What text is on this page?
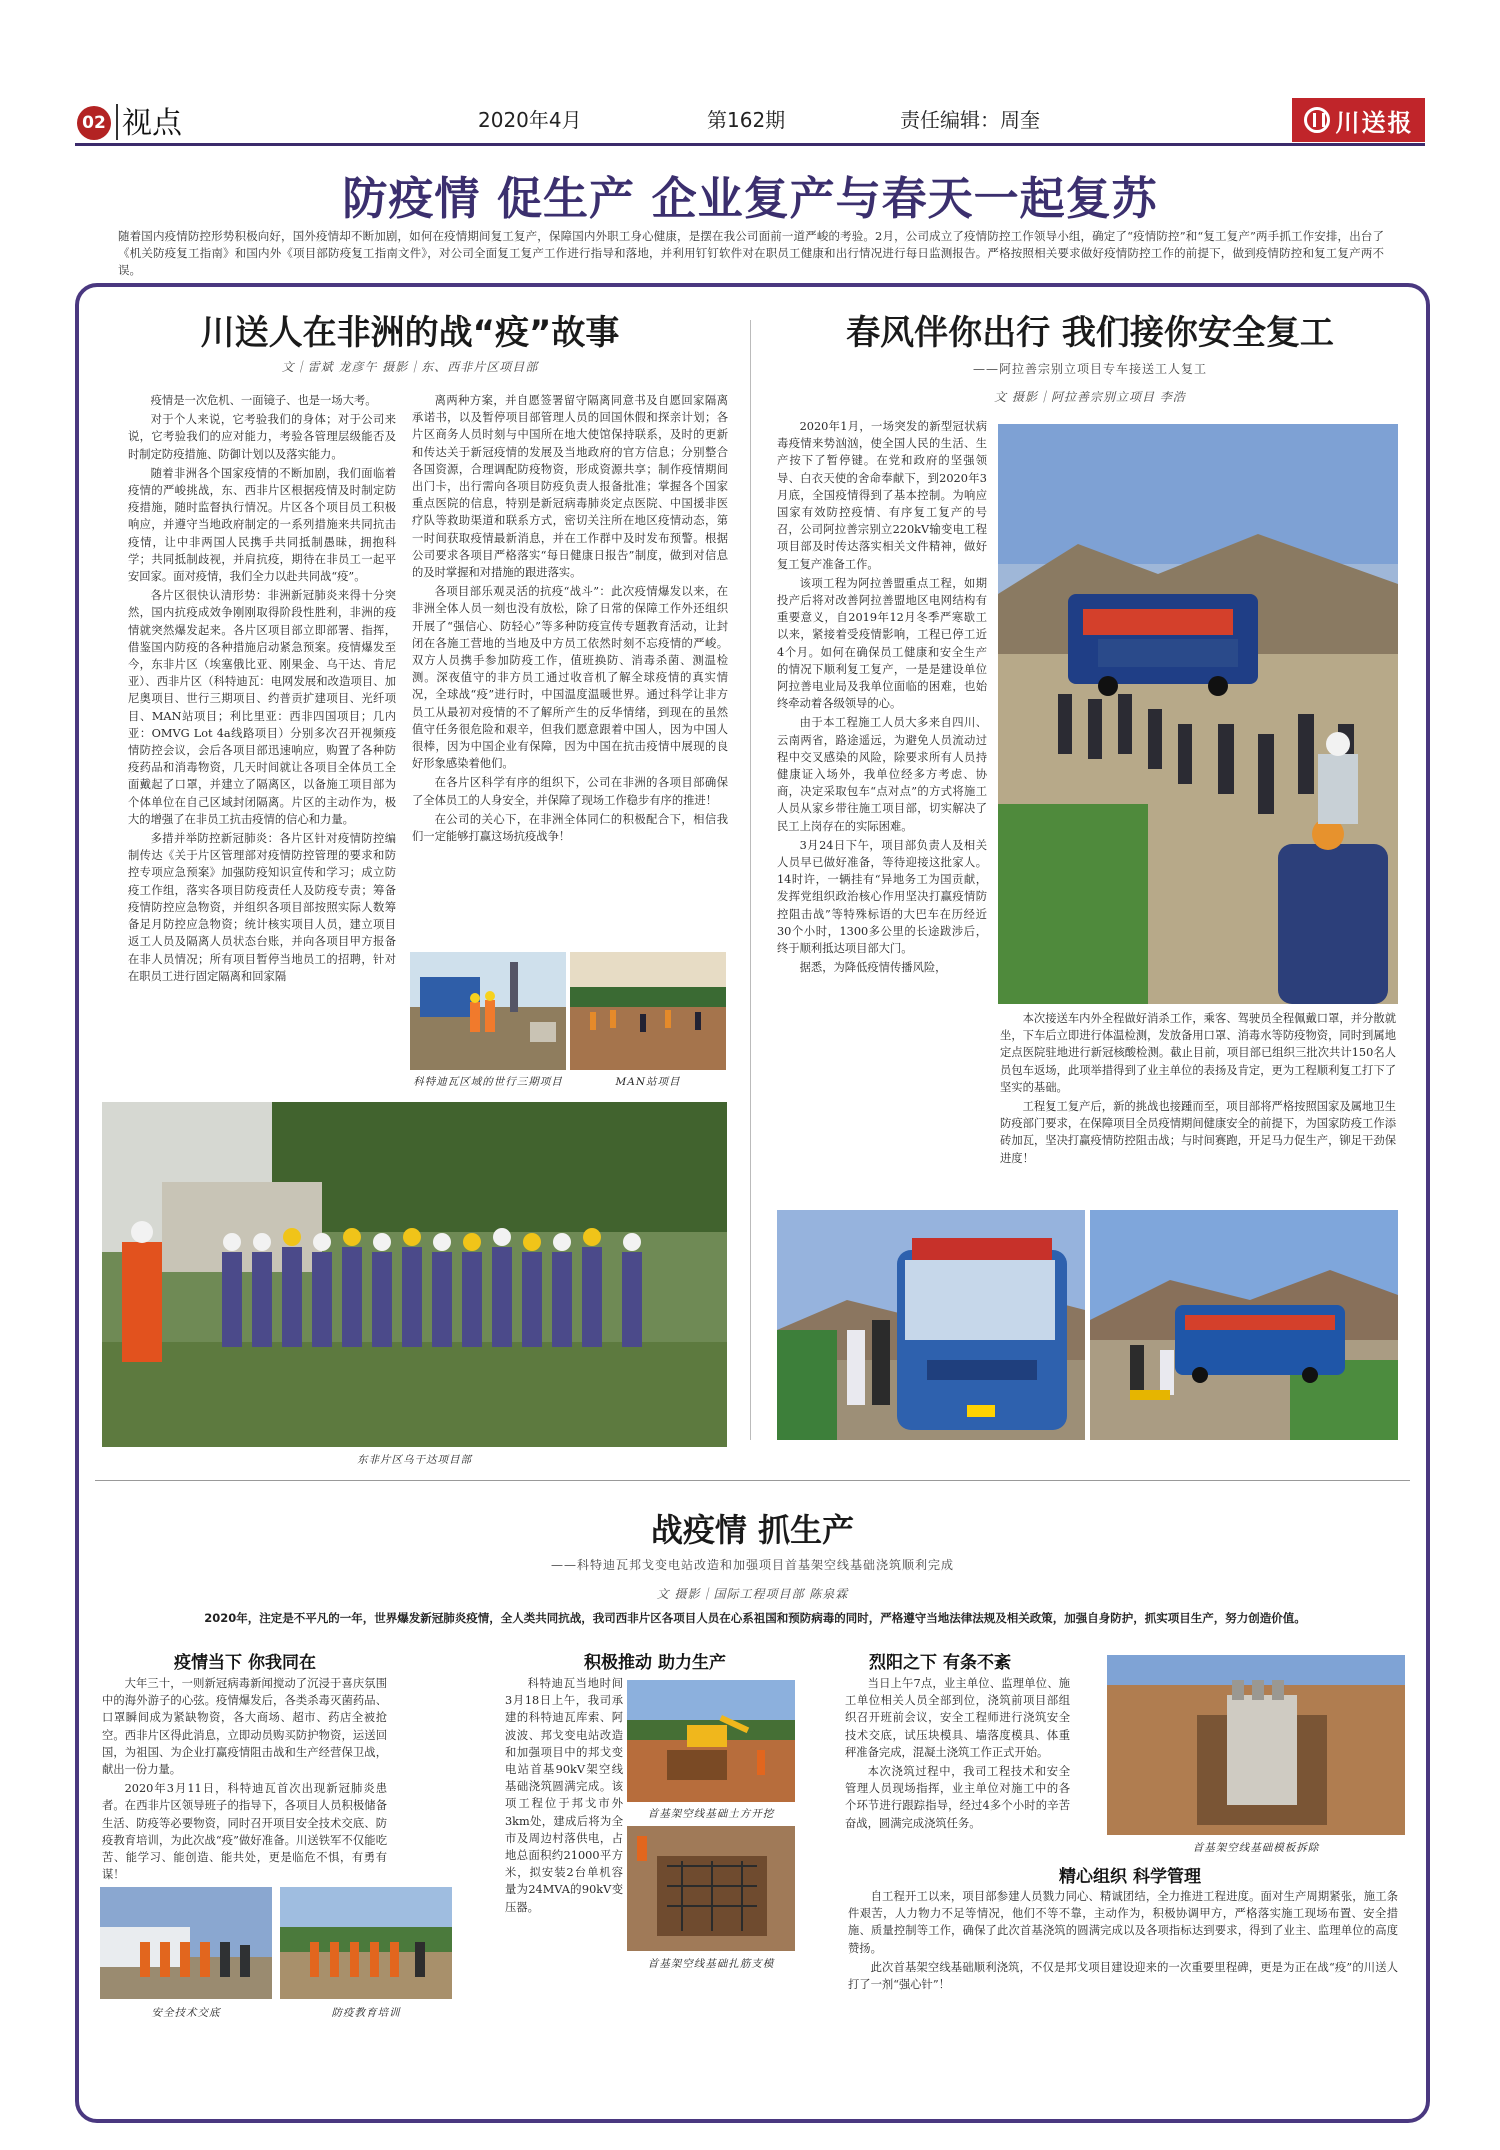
02 视点	2020年4月	第162期	责任编辑：周奎	川送报
防疫情 促生产 企业复产与春天一起复苏
随着国内疫情防控形势积极向好，国外疫情却不断加剧，如何在疫情期间复工复产，保障国内外职工身心健康，是摆在我公司面前一道严峻的考验。2月，公司成立了疫情防控工作领导小组，确定了“疫情防控”和“复工复产”两手抓工作安排，出台了《机关防疫复工指南》和国内外《项目部防疫复工指南文件》，对公司全面复工复产工作进行指导和落地，并利用钉钉软件对在职员工健康和出行情况进行每日监测报告。严格按照相关要求做好疫情防控工作的前提下，做到疫情防控和复工复产两不误。
川送人在非洲的战“疫”故事
文｜雷斌 龙彦午 摄影｜东、西非片区项目部

疫情是一次危机、一面镜子、也是一场大考。

对于个人来说，它考验我们的身体；对于公司来说，它考验我们的应对能力，考验各管理层级能否及时制定防疫措施、防御计划以及落实能力。

随着非洲各个国家疫情的不断加剧，我们面临着疫情的严峻挑战，东、西非片区根据疫情及时制定防疫措施，随时监督执行情况。片区各个项目员工积极响应，并遵守当地政府制定的一系列措施来共同抗击疫情，让中非两国人民携手共同抵制愚昧，拥抱科学；共同抵制歧视，并肩抗疫，期待在非员工一起平安回家。面对疫情，我们全力以赴共同战“疫”。

各片区很快认清形势：非洲新冠肺炎来得十分突然，国内抗疫成效争刚刚取得阶段性胜利，非洲的疫情就突然爆发起来。各片区项目部立即部署、指挥，借鉴国内防疫的各种措施启动紧急预案。疫情爆发至今，东非片区（埃塞俄比亚、刚果金、乌干达、肯尼亚）、西非片区（科特迪瓦：电网发展和改造项目、加尼奥项目、世行三期项目、约普贡扩建项目、光纤项目、MAN站项目；利比里亚：西非四国项目；几内亚：OMVG Lot 4a线路项目）分别多次召开视频疫情防控会议，会后各项目部迅速响应，购置了各种防疫药品和消毒物资，几天时间就让各项目全体员工全面戴起了口罩，并建立了隔离区，以备施工项目部为个体单位在自己区域封闭隔离。片区的主动作为，极大的增强了在非员工抗击疫情的信心和力量。

多措并举防控新冠肺炎：各片区针对疫情防控编制传达《关于片区管理部对疫情防控管理的要求和防控专项应急预案》加强防疫知识宣传和学习；成立防疫工作组，落实各项目防疫责任人及防疫专责；筹备疫情防控应急物资，并组织各项目部按照实际人数筹备足月防控应急物资；统计核实项目人员，建立项目返工人员及隔离人员状态台账，并向各项目甲方报备在非人员情况；所有项目暂停当地员工的招聘，针对在职员工进行固定隔离和回家隔

离两种方案，并自愿签署留守隔离同意书及自愿回家隔离承诺书，以及暂停项目部管理人员的回国休假和探亲计划；各片区商务人员时刻与中国所在地大使馆保持联系，及时的更新和传达关于新冠疫情的发展及当地政府的官方信息；分别整合各国资源，合理调配防疫物资，形成资源共享；制作疫情期间出门卡，出行需向各项目防疫负责人报备批准；掌握各个国家重点医院的信息，特别是新冠病毒肺炎定点医院、中国援非医疗队等救助渠道和联系方式，密切关注所在地区疫情动态，第一时间获取疫情最新消息，并在工作群中及时发布预警。根据公司要求各项目严格落实“每日健康日报告”制度，做到对信息的及时掌握和对措施的跟进落实。

各项目部乐观灵活的抗疫“战斗”：此次疫情爆发以来，在非洲全体人员一刻也没有放松，除了日常的保障工作外还组织开展了“强信心、防轻心”等多种防疫宣传专题教育活动，让封闭在各施工营地的当地及中方员工依然时刻不忘疫情的严峻。双方人员携手参加防疫工作，值班换防、消毒杀菌、测温检测。深夜值守的非方员工通过收音机了解全球疫情的真实情况，全球战“疫”进行时，中国温度温暖世界。通过科学让非方员工从最初对疫情的不了解所产生的反华情绪，到现在的虽然值守任务很危险和艰辛，但我们愿意跟着中国人，因为中国人很棒，因为中国企业有保障，因为中国在抗击疫情中展现的良好形象感染着他们。

在各片区科学有序的组织下，公司在非洲的各项目部确保了全体员工的人身安全，并保障了现场工作稳步有序的推进！

在公司的关心下，在非洲全体同仁的积极配合下，相信我们一定能够打赢这场抗疫战争！

科特迪瓦区域的世行三期项目	MAN站项目
东非片区乌干达项目部
春风伴你出行 我们接你安全复工
——阿拉善宗别立项目专车接送工人复工
文 摄影｜阿拉善宗别立项目 李浩

2020年1月，一场突发的新型冠状病毒疫情来势汹汹，使全国人民的生活、生产按下了暂停键。在党和政府的坚强领导、白衣天使的舍命奉献下，到2020年3月底，全国疫情得到了基本控制。为响应国家有效防控疫情、有序复工复产的号召，公司阿拉善宗别立220kV输变电工程项目部及时传达落实相关文件精神，做好复工复产准备工作。

该项工程为阿拉善盟重点工程，如期投产后将对改善阿拉善盟地区电网结构有重要意义，自2019年12月冬季严寒歇工以来，紧接着受疫情影响，工程已停工近4个月。如何在确保员工健康和安全生产的情况下顺利复工复产，一是是建设单位阿拉善电业局及我单位面临的困难，也始终牵动着各级领导的心。

由于本工程施工人员大多来自四川、云南两省，路途遥远，为避免人员流动过程中交叉感染的风险，除要求所有人员持健康证入场外，我单位经多方考虑、协商，决定采取包车“点对点”的方式将施工人员从家乡带往施工项目部，切实解决了民工上岗存在的实际困难。

3月24日下午，项目部负责人及相关人员早已做好准备，等待迎接这批家人。14时许，一辆挂有“异地务工为国贡献，发挥党组织政治核心作用坚决打赢疫情防控阻击战”等特殊标语的大巴车在历经近30个小时，1300多公里的长途跋涉后，终于顺利抵达项目部大门。

据悉，为降低疫情传播风险，

本次接送车内外全程做好消杀工作，乘客、驾驶员全程佩戴口罩，并分散就坐，下车后立即进行体温检测，发放备用口罩、消毒水等防疫物资，同时到属地定点医院驻地进行新冠核酸检测。截止目前，项目部已组织三批次共计150名人员包车返场，此项举措得到了业主单位的表扬及肯定，更为工程顺利复工打下了坚实的基础。

工程复工复产后，新的挑战也接踵而至，项目部将严格按照国家及属地卫生防疫部门要求，在保障项目全员疫情期间健康安全的前提下，为国家防疫工作添砖加瓦，坚决打赢疫情防控阻击战；与时间赛跑，开足马力促生产，铆足干劲保进度！

战疫情 抓生产
——科特迪瓦邦戈变电站改造和加强项目首基架空线基础浇筑顺利完成
文 摄影｜国际工程项目部 陈泉霖
2020年，注定是不平凡的一年，世界爆发新冠肺炎疫情，全人类共同抗战，我司西非片区各项目人员在心系祖国和预防病毒的同时，严格遵守当地法律法规及相关政策，加强自身防护，抓实项目生产，努力创造价值。
疫情当下 你我同在

大年三十，一则新冠病毒新闻搅动了沉浸于喜庆氛围中的海外游子的心弦。疫情爆发后，各类杀毒灭菌药品、口罩瞬间成为紧缺物资，各大商场、超市、药店全被抢空。西非片区得此消息，立即动员购买防护物资，运送回国，为祖国、为企业打赢疫情阻击战和生产经营保卫战，献出一份力量。

2020年3月11日，科特迪瓦首次出现新冠肺炎患者。在西非片区领导班子的指导下，各项目人员积极储备生活、防疫等必要物资，同时召开项目安全技术交底、防疫教育培训，为此次战“疫”做好准备。川送铁军不仅能吃苦、能学习、能创造、能共处，更是临危不惧，有勇有谋！

安全技术交底	防疫教育培训
积极推动 助力生产

科特迪瓦当地时间3月18日上午，我司承建的科特迪瓦库索、阿波波、邦戈变电站改造和加强项目中的邦戈变电站首基90kV架空线基础浇筑圆满完成。该项工程位于邦戈市外3km处，建成后将为全市及周边村落供电，占地总面积约21000平方米，拟安装2台单机容量为24MVA的90kV变压器。

首基架空线基础土方开挖
首基架空线基础扎筋支模
烈阳之下 有条不紊

当日上午7点，业主单位、监理单位、施工单位相关人员全部到位，浇筑前项目部组织召开班前会议，安全工程师进行浇筑安全技术交底，试压块模具、墙落度模具、体重秤准备完成，混凝土浇筑工作正式开始。

本次浇筑过程中，我司工程技术和安全管理人员现场指挥，业主单位对施工中的各个环节进行跟踪指导，经过4多个小时的辛苦奋战，圆满完成浇筑任务。

首基架空线基础模板拆除
精心组织 科学管理

自工程开工以来，项目部参建人员戮力同心、精诚团结，全力推进工程进度。面对生产周期紧张，施工条件艰苦，人力物力不足等情况，他们不等不靠，主动作为，积极协调甲方，严格落实施工现场布置、安全措施、质量控制等工作，确保了此次首基浇筑的圆满完成以及各项指标达到要求，得到了业主、监理单位的高度赞扬。

此次首基架空线基础顺利浇筑，不仅是邦戈项目建设迎来的一次重要里程碑，更是为正在战“疫”的川送人打了一剂“强心针”！
